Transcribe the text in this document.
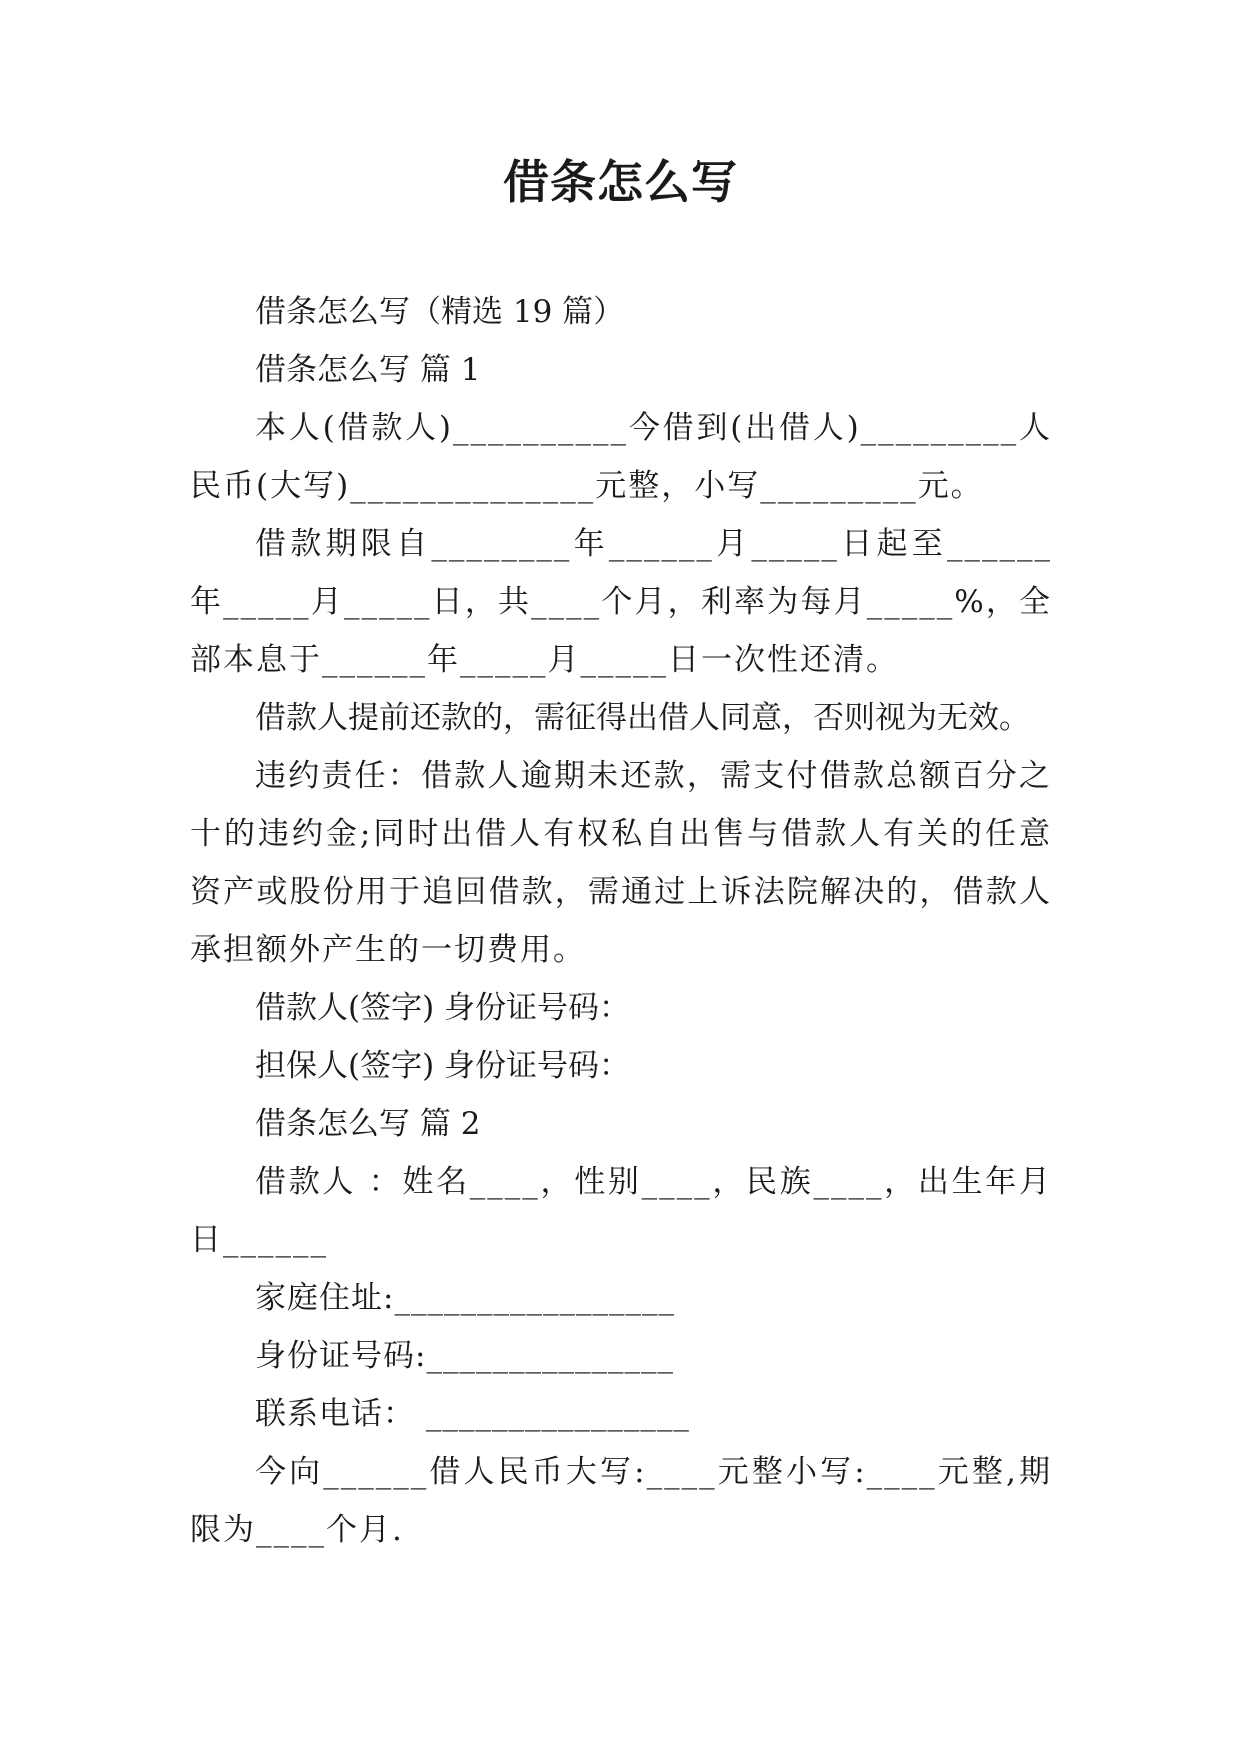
借条怎么写

借条怎么写（精选 19 篇）

借条怎么写 篇 1

本人(借款人)__________今借到(出借人)_________人民币(大写)______________元整，小写_________元。

借款期限自________年______月_____日起至______年_____月_____日，共____个月，利率为每月_____%，全部本息于______年_____月_____日一次性还清。

借款人提前还款的，需征得出借人同意，否则视为无效。

违约责任：借款人逾期未还款，需支付借款总额百分之十的违约金;同时出借人有权私自出售与借款人有关的任意资产或股份用于追回借款，需通过上诉法院解决的，借款人承担额外产生的一切费用。

借款人(签字) 身份证号码：

担保人(签字) 身份证号码：

借条怎么写 篇 2

借款人 ：姓名____，性别____，民族____，出生年月日______

家庭住址:_________________

身份证号码:_______________

联系电话： ________________

今向______借人民币大写:____元整小写:____元整,期限为____个月.
